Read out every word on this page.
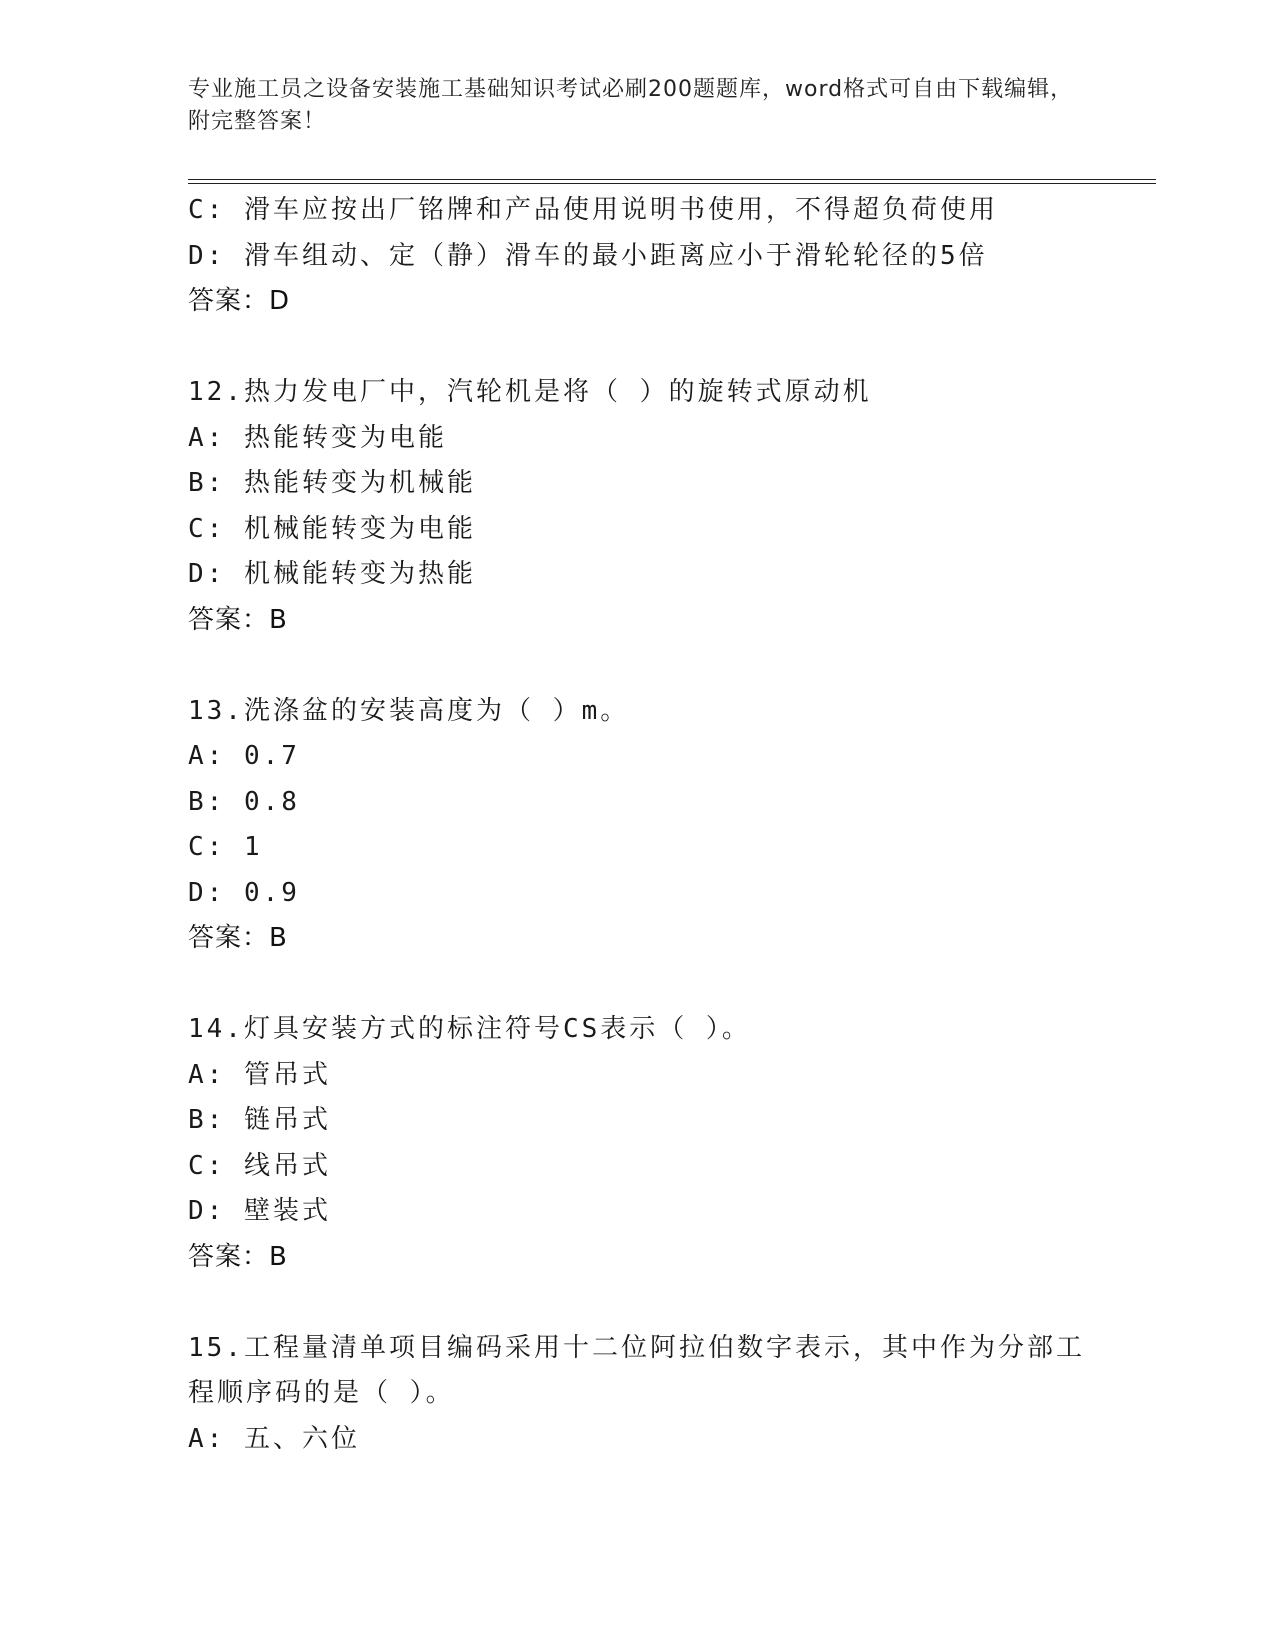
专业施工员之设备安装施工基础知识考试必刷200题题库，word格式可自由下载编辑，附完整答案！
C: 滑车应按出厂铭牌和产品使用说明书使用，不得超负荷使用
D: 滑车组动、定（静）滑车的最小距离应小于滑轮轮径的5倍
答案：D
12.热力发电厂中，汽轮机是将（ ）的旋转式原动机
A: 热能转变为电能
B: 热能转变为机械能
C: 机械能转变为电能
D: 机械能转变为热能
答案：B
13.洗涤盆的安装高度为（ ）m。
A: 0.7
B: 0.8
C: 1
D: 0.9
答案：B
14.灯具安装方式的标注符号CS表示（ ）。
A: 管吊式
B: 链吊式
C: 线吊式
D: 壁装式
答案：B
15.工程量清单项目编码采用十二位阿拉伯数字表示，其中作为分部工程顺序码的是（ ）。
A: 五、六位
